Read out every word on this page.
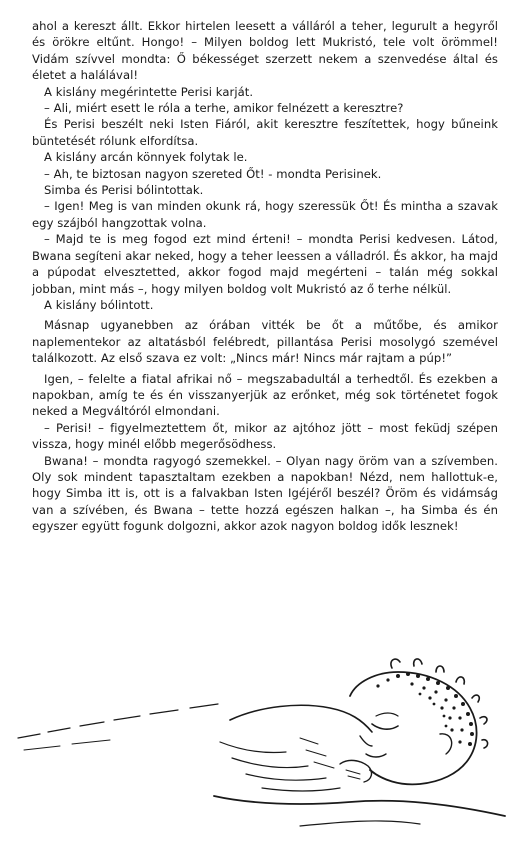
ahol a kereszt állt. Ekkor hirtelen leesett a válláról a teher, legurult a hegyről és örökre eltűnt. Hongo! – Milyen boldog lett Mukristó, tele volt örömmel! Vidám szívvel mondta: Ő békességet szerzett nekem a szenvedése által és életet a halálával!

A kislány megérintette Perisi karját.

– Ali, miért esett le róla a terhe, amikor felnézett a keresztre?

És Perisi beszélt neki Isten Fiáról, akit keresztre feszítettek, hogy bűneink büntetését rólunk elfordítsa.

A kislány arcán könnyek folytak le.

– Ah, te biztosan nagyon szereted Őt! - mondta Perisinek.

Simba és Perisi bólintottak.

– Igen! Meg is van minden okunk rá, hogy szeressük Őt! És mintha a szavak egy szájból hangzottak volna.

– Majd te is meg fogod ezt mind érteni! – mondta Perisi kedvesen. Látod, Bwana segíteni akar neked, hogy a teher leessen a válladról. És akkor, ha majd a púpodat elvesztetted, akkor fogod majd megérteni – talán még sokkal jobban, mint más –, hogy milyen boldog volt Mukristó az ő terhe nélkül.

A kislány bólintott.

Másnap ugyanebben az órában vitték be őt a műtőbe, és amikor naplementekor az altatásból felébredt, pillantása Perisi mosolygó szemével találkozott. Az első szava ez volt: „Nincs már! Nincs már rajtam a púp!”

Igen, – felelte a fiatal afrikai nő – megszabadultál a terhedtől. És ezekben a napokban, amíg te és én visszanyerjük az erőnket, még sok történetet fogok neked a Megváltóról elmondani.

– Perisi! – figyelmeztettem őt, mikor az ajtóhoz jött – most feküdj szépen vissza, hogy minél előbb megerősödhess.

Bwana! – mondta ragyogó szemekkel. – Olyan nagy öröm van a szívemben. Oly sok mindent tapasztaltam ezekben a napokban! Nézd, nem hallottuk-e, hogy Simba itt is, ott is a falvakban Isten Igéjéről beszél? Öröm és vidámság van a szívében, és Bwana – tette hozzá egészen halkan –, ha Simba és én egyszer együtt fogunk dolgozni, akkor azok nagyon boldog idők lesznek!
